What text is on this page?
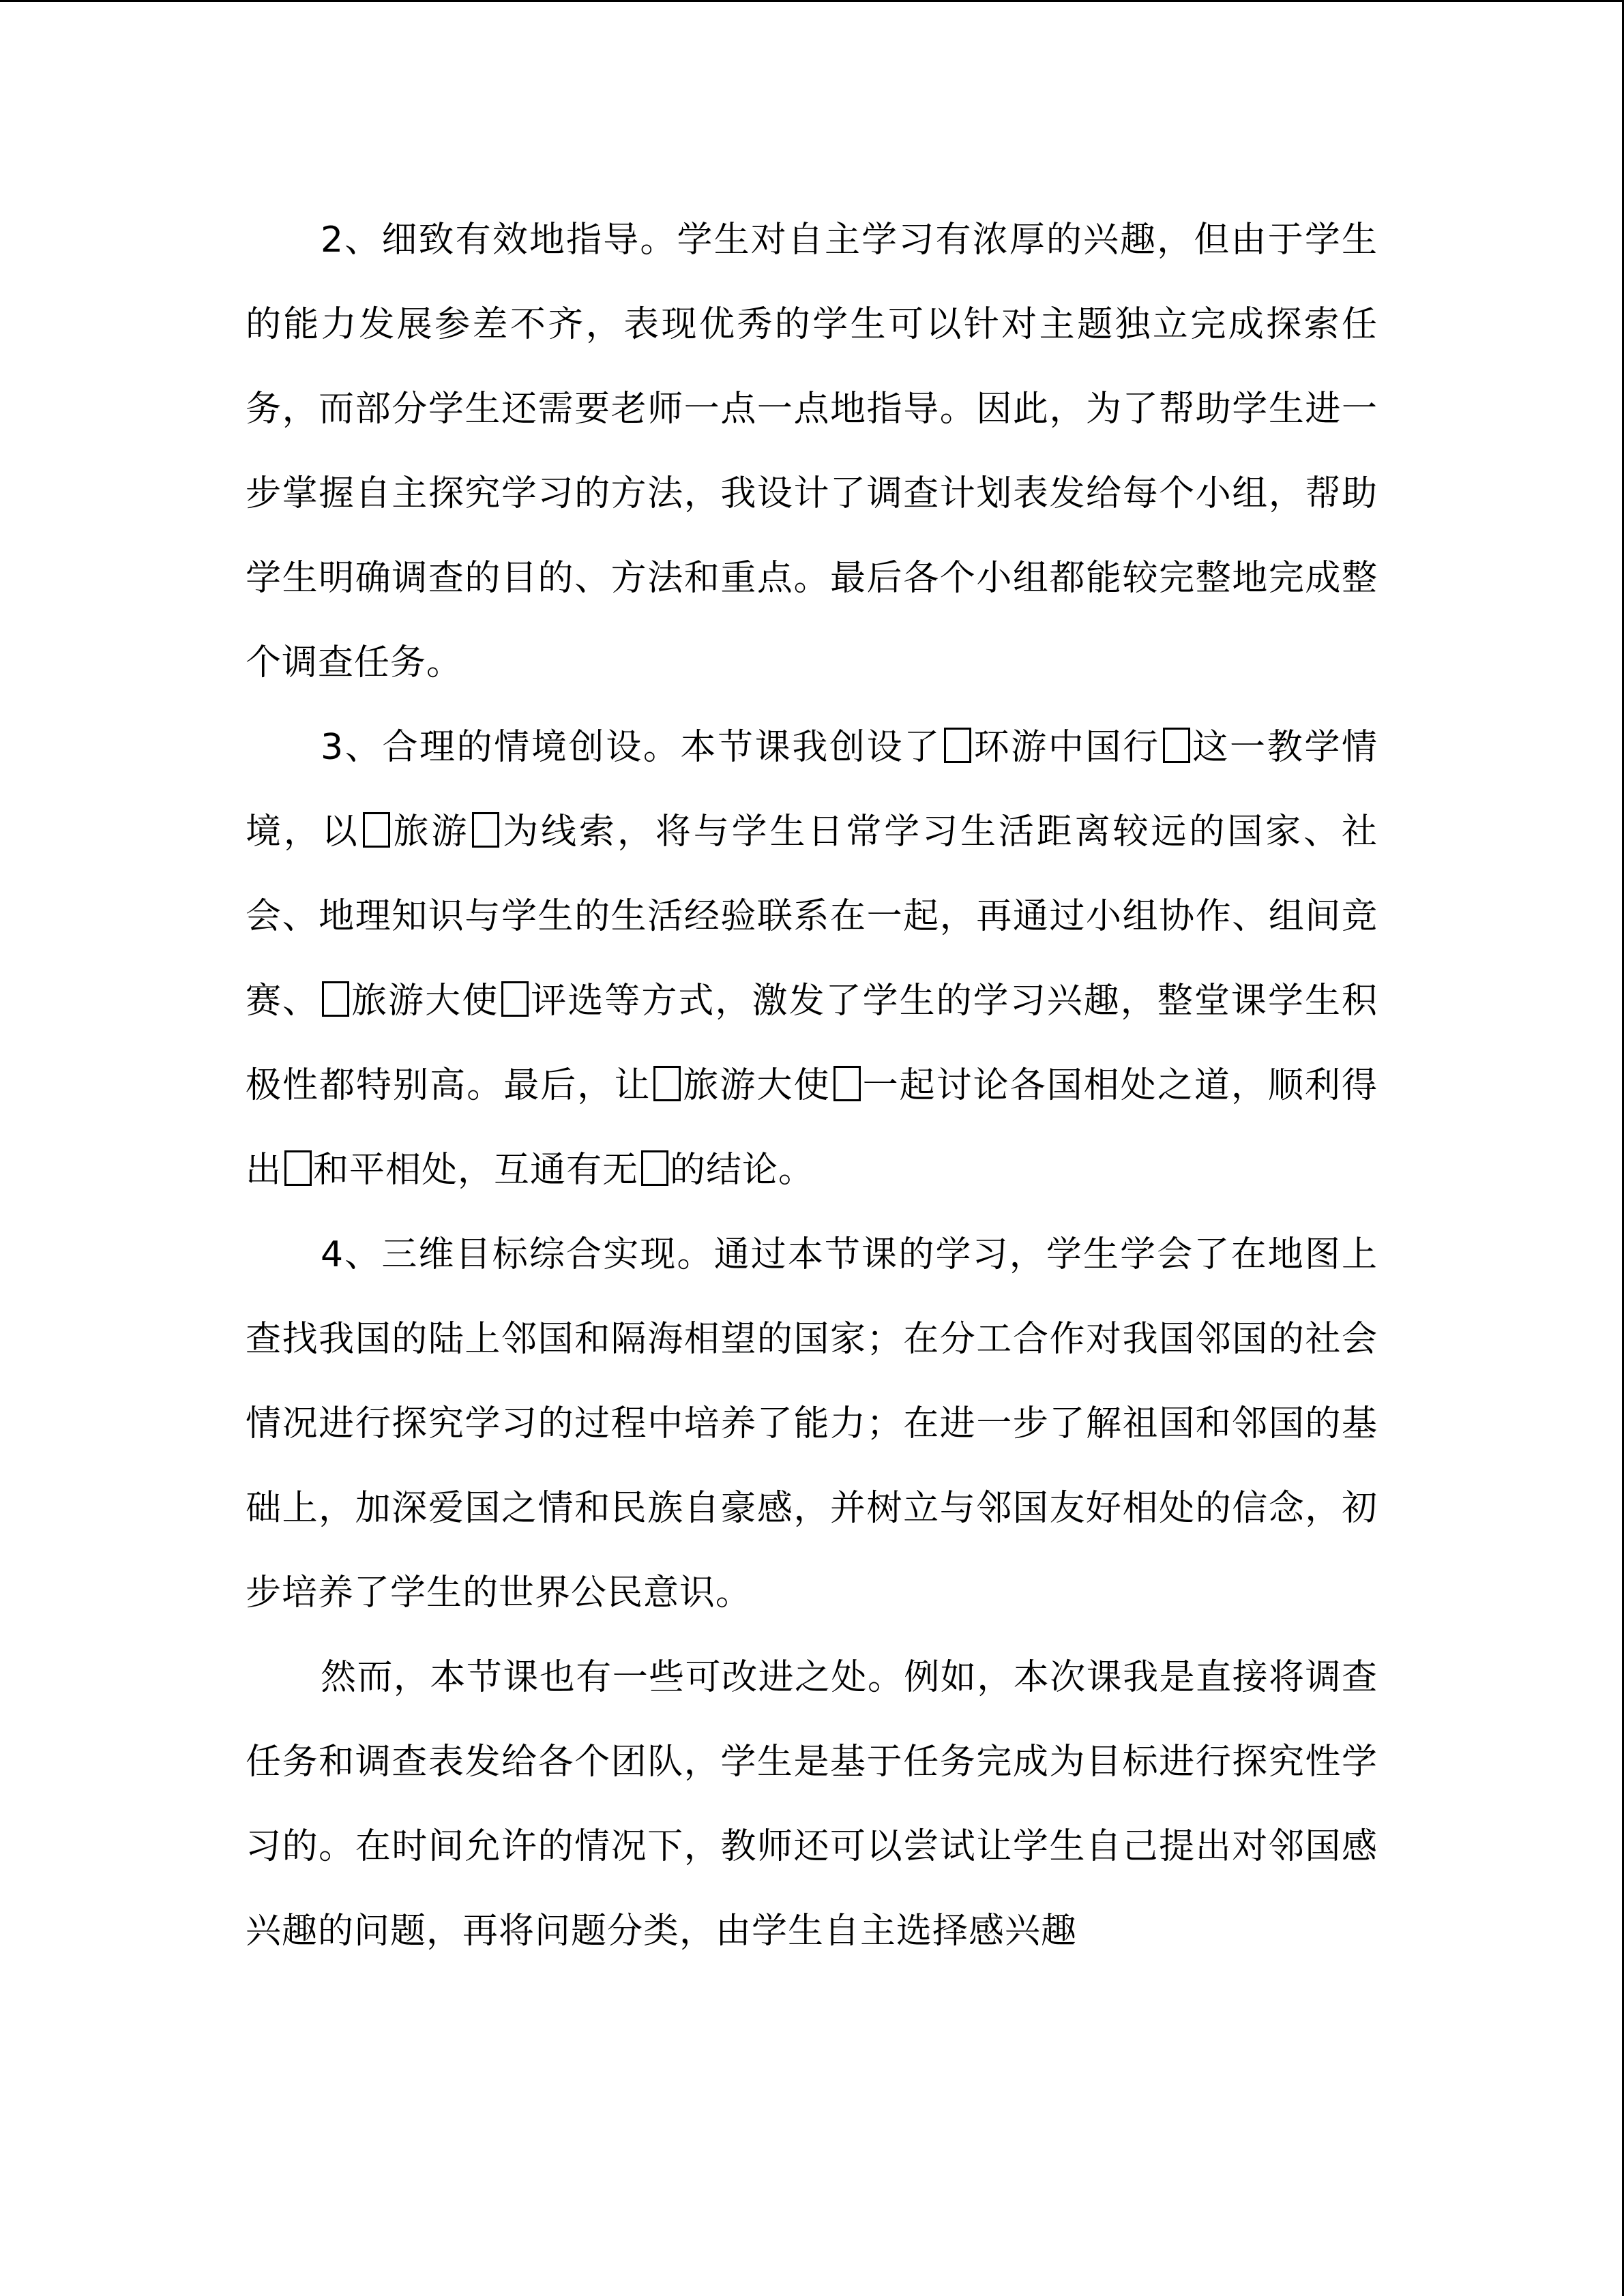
2、细致有效地指导。学生对自主学习有浓厚的兴趣，但由于学生的能力发展参差不齐，表现优秀的学生可以针对主题独立完成探索任务，而部分学生还需要老师一点一点地指导。因此，为了帮助学生进一步掌握自主探究学习的方法，我设计了调查计划表发给每个小组，帮助学生明确调查的目的、方法和重点。最后各个小组都能较完整地完成整个调查任务。

3、合理的情境创设。本节课我创设了 环游中国行 这一教学情境，以 旅游 为线索，将与学生日常学习生活距离较远的国家、社会、地理知识与学生的生活经验联系在一起，再通过小组协作、组间竞赛、 旅游大使 评选等方式，激发了学生的学习兴趣，整堂课学生积极性都特别高。最后，让 旅游大使 一起讨论各国相处之道，顺利得出 和平相处，互通有无 的结论。

4、三维目标综合实现。通过本节课的学习，学生学会了在地图上查找我国的陆上邻国和隔海相望的国家；在分工合作对我国邻国的社会情况进行探究学习的过程中培养了能力；在进一步了解祖国和邻国的基础上，加深爱国之情和民族自豪感，并树立与邻国友好相处的信念，初步培养了学生的世界公民意识。

然而，本节课也有一些可改进之处。例如，本次课我是直接将调查任务和调查表发给各个团队，学生是基于任务完成为目标进行探究性学习的。在时间允许的情况下，教师还可以尝试让学生自己提出对邻国感兴趣的问题，再将问题分类，由学生自主选择感兴趣
